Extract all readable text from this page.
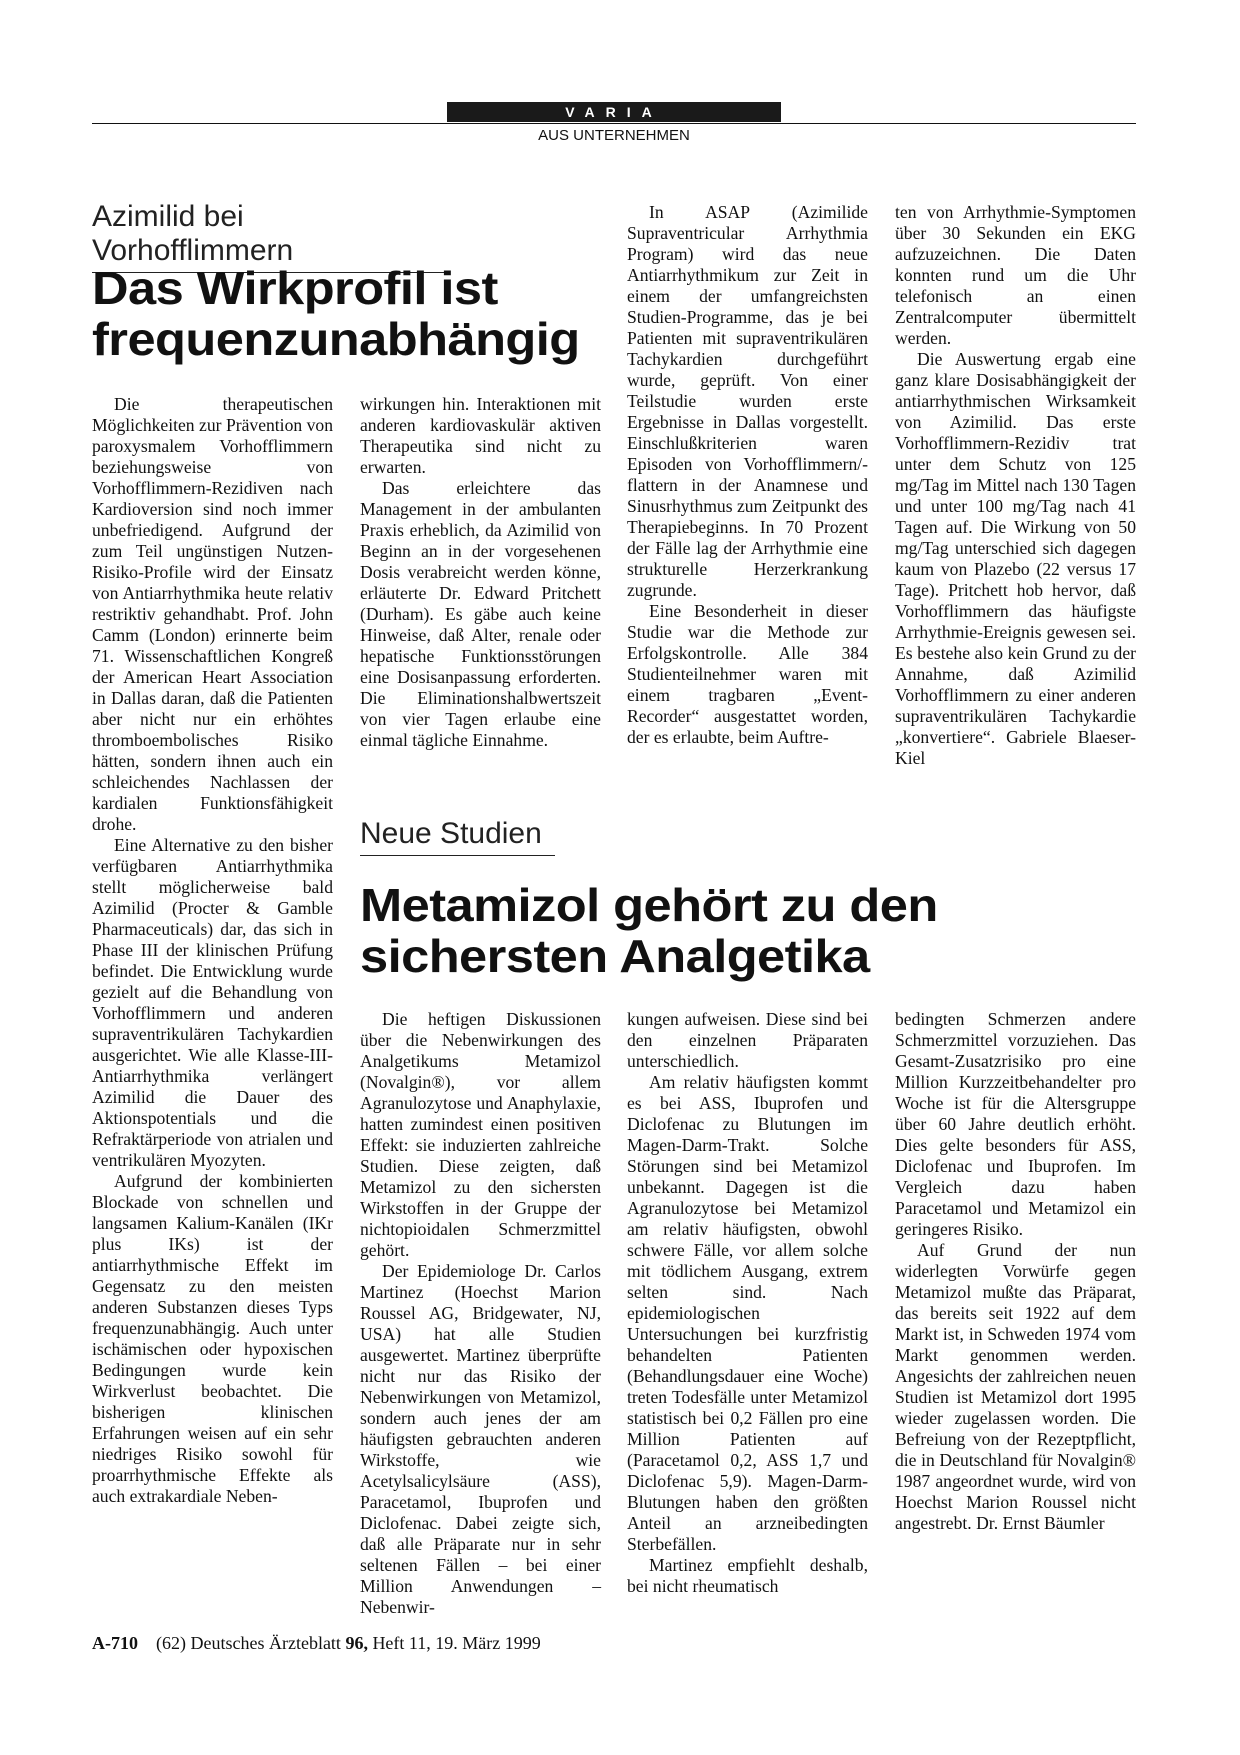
VARIA
AUS UNTERNEHMEN
Azimilid bei Vorhofflimmern
Das Wirkprofil ist
frequenzunabhängig

Die therapeutischen Möglichkeiten zur Prävention von paroxysmalem Vorhofflimmern beziehungsweise von Vorhofflimmern-Rezidiven nach Kardioversion sind noch immer unbefriedigend. Aufgrund der zum Teil ungünstigen Nutzen-Risiko-Profile wird der Einsatz von Antiarrhythmika heute relativ restriktiv gehandhabt. Prof. John Camm (London) erinnerte beim 71. Wissenschaftlichen Kongreß der American Heart Association in Dallas daran, daß die Patienten aber nicht nur ein erhöhtes thromboembolisches Risiko hätten, sondern ihnen auch ein schleichendes Nachlassen der kardialen Funktionsfähigkeit drohe.

Eine Alternative zu den bisher verfügbaren Antiarrhythmika stellt möglicherweise bald Azimilid (Procter & Gamble Pharmaceuticals) dar, das sich in Phase III der klinischen Prüfung befindet. Die Entwicklung wurde gezielt auf die Behandlung von Vorhofflimmern und anderen supraventrikulären Tachykardien ausgerichtet. Wie alle Klasse-III-Antiarrhythmika verlängert Azimilid die Dauer des Aktionspotentials und die Refraktärperiode von atrialen und ventrikulären Myozyten.

Aufgrund der kombinierten Blockade von schnellen und langsamen Kalium-Kanälen (IKr plus IKs) ist der antiarrhythmische Effekt im Gegensatz zu den meisten anderen Substanzen dieses Typs frequenzunabhängig. Auch unter ischämischen oder hypoxischen Bedingungen wurde kein Wirkverlust beobachtet. Die bisherigen klinischen Erfahrungen weisen auf ein sehr niedriges Risiko sowohl für proarrhythmische Effekte als auch extrakardiale Neben-

wirkungen hin. Interaktionen mit anderen kardiovaskulär aktiven Therapeutika sind nicht zu erwarten.

Das erleichtere das Management in der ambulanten Praxis erheblich, da Azimilid von Beginn an in der vorgesehenen Dosis verabreicht werden könne, erläuterte Dr. Edward Pritchett (Durham). Es gäbe auch keine Hinweise, daß Alter, renale oder hepatische Funktionsstörungen eine Dosisanpassung erforderten. Die Eliminationshalbwertszeit von vier Tagen erlaube eine einmal tägliche Einnahme.

In ASAP (Azimilide Supraventricular Arrhythmia Program) wird das neue Antiarrhythmikum zur Zeit in einem der umfangreichsten Studien-Programme, das je bei Patienten mit supraventrikulären Tachykardien durchgeführt wurde, geprüft. Von einer Teilstudie wurden erste Ergebnisse in Dallas vorgestellt. Einschlußkriterien waren Episoden von Vorhofflimmern/-flattern in der Anamnese und Sinusrhythmus zum Zeitpunkt des Therapiebeginns. In 70 Prozent der Fälle lag der Arrhythmie eine strukturelle Herzerkrankung zugrunde.

Eine Besonderheit in dieser Studie war die Methode zur Erfolgskontrolle. Alle 384 Studienteilnehmer waren mit einem tragbaren „Event-Recorder“ ausgestattet worden, der es erlaubte, beim Auftre-

ten von Arrhythmie-Symptomen über 30 Sekunden ein EKG aufzuzeichnen. Die Daten konnten rund um die Uhr telefonisch an einen Zentralcomputer übermittelt werden.

Die Auswertung ergab eine ganz klare Dosisabhängigkeit der antiarrhythmischen Wirksamkeit von Azimilid. Das erste Vorhofflimmern-Rezidiv trat unter dem Schutz von 125 mg/Tag im Mittel nach 130 Tagen und unter 100 mg/Tag nach 41 Tagen auf. Die Wirkung von 50 mg/Tag unterschied sich dagegen kaum von Plazebo (22 versus 17 Tage). Pritchett hob hervor, daß Vorhofflimmern das häufigste Arrhythmie-Ereignis gewesen sei. Es bestehe also kein Grund zu der Annahme, daß Azimilid Vorhofflimmern zu einer anderen supraventrikulären Tachykardie „konvertiere“. Gabriele Blaeser-Kiel

Neue Studien
Metamizol gehört zu den
sichersten Analgetika

Die heftigen Diskussionen über die Nebenwirkungen des Analgetikums Metamizol (Novalgin®), vor allem Agranulozytose und Anaphylaxie, hatten zumindest einen positiven Effekt: sie induzierten zahlreiche Studien. Diese zeigten, daß Metamizol zu den sichersten Wirkstoffen in der Gruppe der nichtopioidalen Schmerzmittel gehört.

Der Epidemiologe Dr. Carlos Martinez (Hoechst Marion Roussel AG, Bridgewater, NJ, USA) hat alle Studien ausgewertet. Martinez überprüfte nicht nur das Risiko der Nebenwirkungen von Metamizol, sondern auch jenes der am häufigsten gebrauchten anderen Wirkstoffe, wie Acetylsalicylsäure (ASS), Paracetamol, Ibuprofen und Diclofenac. Dabei zeigte sich, daß alle Präparate nur in sehr seltenen Fällen – bei einer Million Anwendungen – Nebenwir-

kungen aufweisen. Diese sind bei den einzelnen Präparaten unterschiedlich.

Am relativ häufigsten kommt es bei ASS, Ibuprofen und Diclofenac zu Blutungen im Magen-Darm-Trakt. Solche Störungen sind bei Metamizol unbekannt. Dagegen ist die Agranulozytose bei Metamizol am relativ häufigsten, obwohl schwere Fälle, vor allem solche mit tödlichem Ausgang, extrem selten sind. Nach epidemiologischen Untersuchungen bei kurzfristig behandelten Patienten (Behandlungsdauer eine Woche) treten Todesfälle unter Metamizol statistisch bei 0,2 Fällen pro eine Million Patienten auf (Paracetamol 0,2, ASS 1,7 und Diclofenac 5,9). Magen-Darm-Blutungen haben den größten Anteil an arzneibedingten Sterbefällen.

Martinez empfiehlt deshalb, bei nicht rheumatisch

bedingten Schmerzen andere Schmerzmittel vorzuziehen. Das Gesamt-Zusatzrisiko pro eine Million Kurzzeitbehandelter pro Woche ist für die Altersgruppe über 60 Jahre deutlich erhöht. Dies gelte besonders für ASS, Diclofenac und Ibuprofen. Im Vergleich dazu haben Paracetamol und Metamizol ein geringeres Risiko.

Auf Grund der nun widerlegten Vorwürfe gegen Metamizol mußte das Präparat, das bereits seit 1922 auf dem Markt ist, in Schweden 1974 vom Markt genommen werden. Angesichts der zahlreichen neuen Studien ist Metamizol dort 1995 wieder zugelassen worden. Die Befreiung von der Rezeptpflicht, die in Deutschland für Novalgin® 1987 angeordnet wurde, wird von Hoechst Marion Roussel nicht angestrebt. Dr. Ernst Bäumler

A-710 (62) Deutsches Ärzteblatt 96, Heft 11, 19. März 1999
